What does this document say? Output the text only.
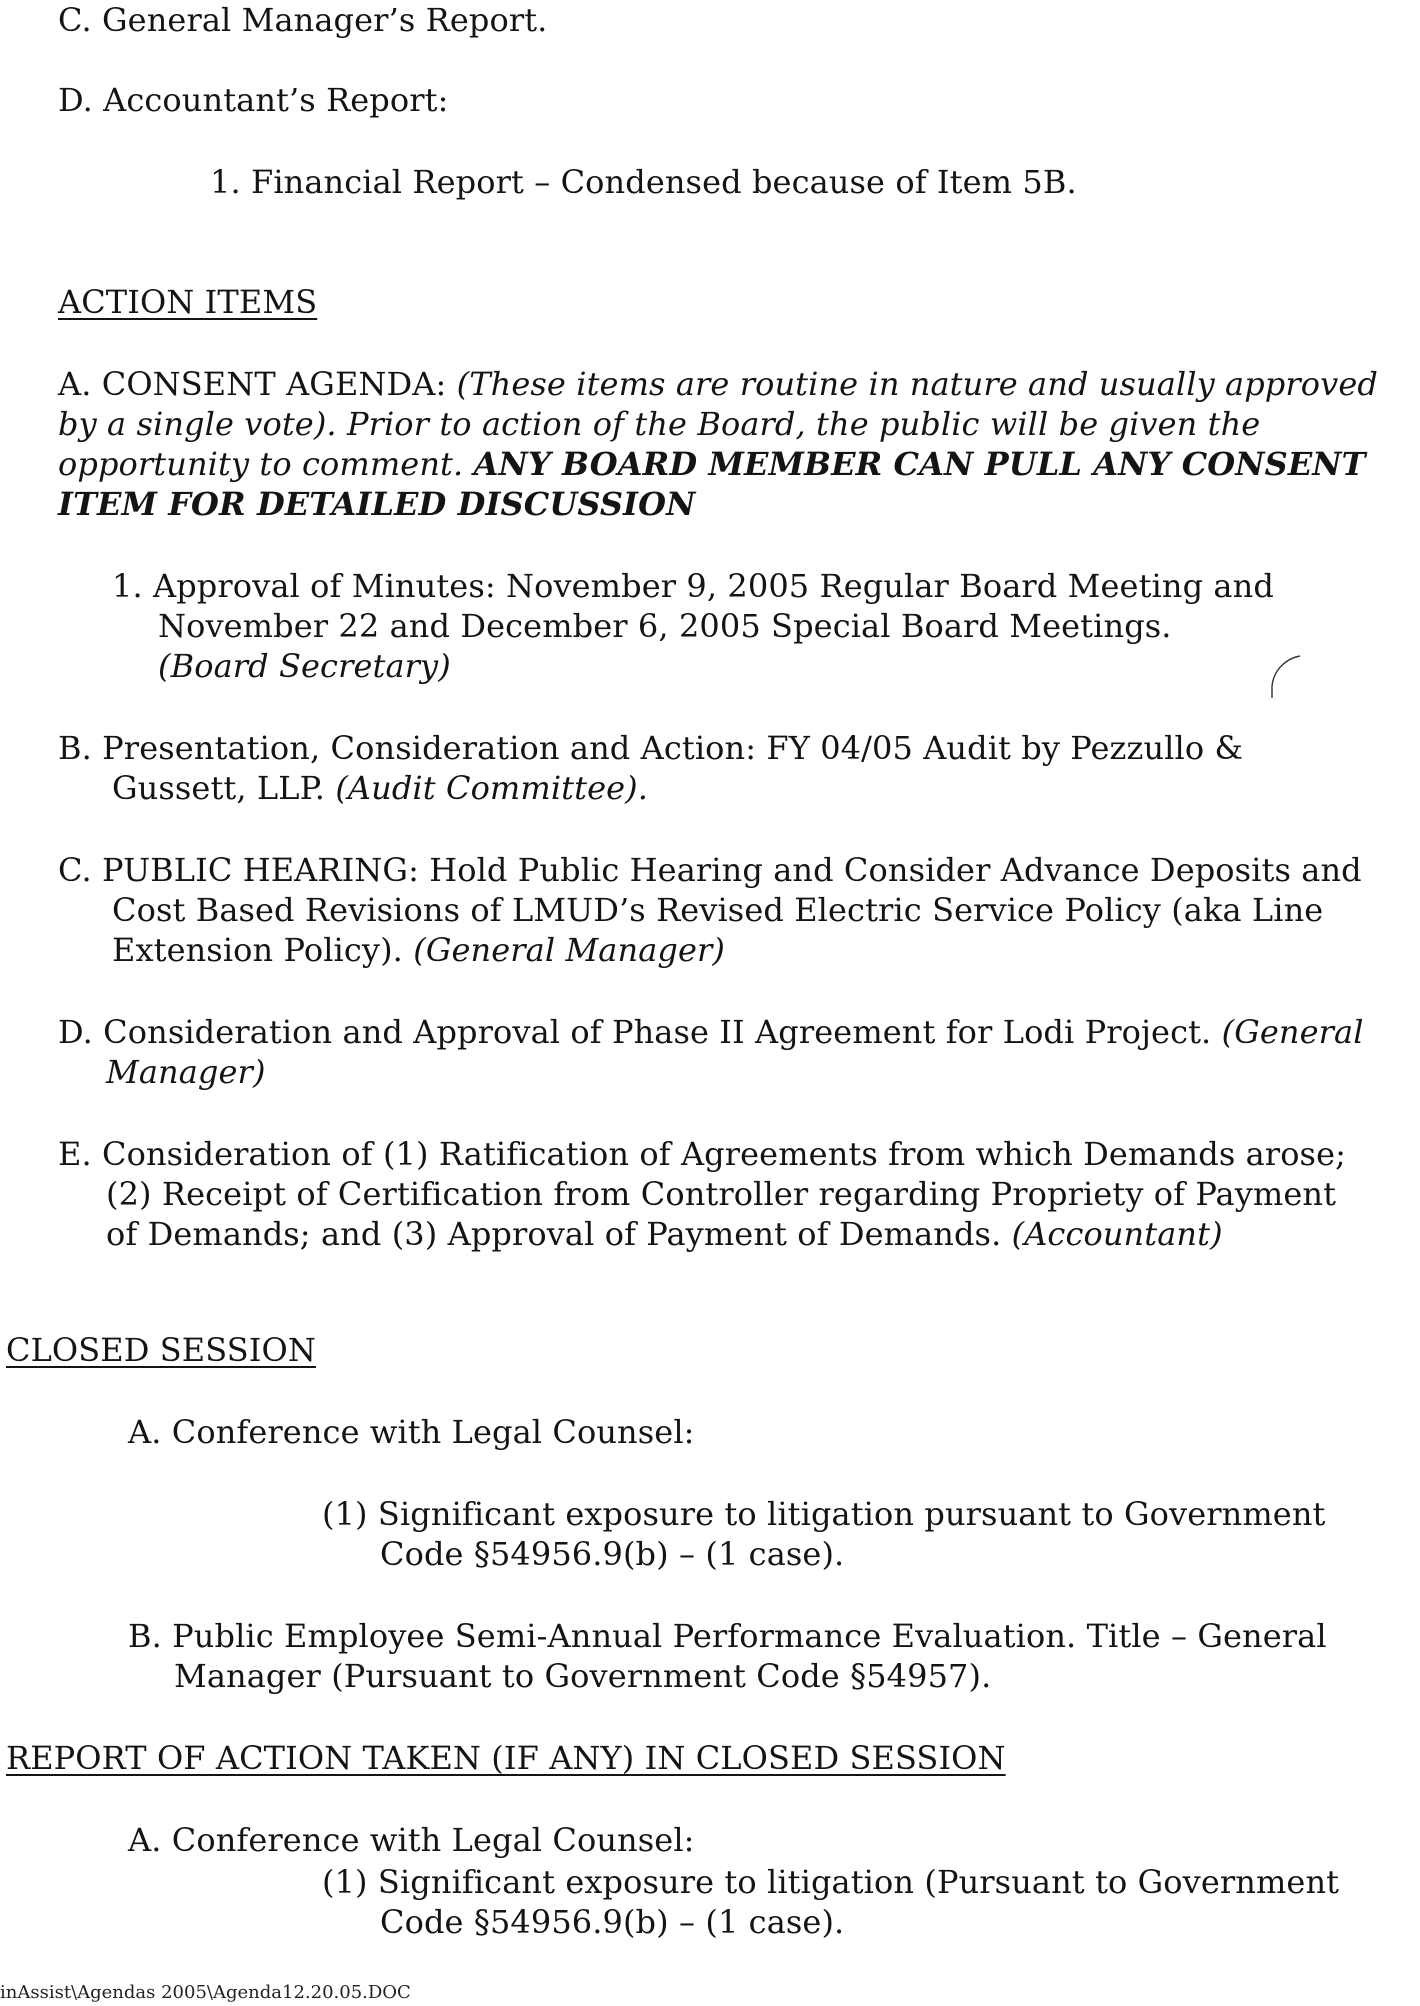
C. General Manager’s Report.
D. Accountant’s Report:
1. Financial Report – Condensed because of Item 5B.
ACTION ITEMS
A. CONSENT AGENDA: (These items are routine in nature and usually approved
by a single vote). Prior to action of the Board, the public will be given the
opportunity to comment. ANY BOARD MEMBER CAN PULL ANY CONSENT
ITEM FOR DETAILED DISCUSSION
1. Approval of Minutes: November 9, 2005 Regular Board Meeting and
November 22 and December 6, 2005 Special Board Meetings.
(Board Secretary)
B. Presentation, Consideration and Action: FY 04/05 Audit by Pezzullo &
Gussett, LLP. (Audit Committee).
C. PUBLIC HEARING: Hold Public Hearing and Consider Advance Deposits and
Cost Based Revisions of LMUD’s Revised Electric Service Policy (aka Line
Extension Policy). (General Manager)
D. Consideration and Approval of Phase II Agreement for Lodi Project. (General
Manager)
E. Consideration of (1) Ratification of Agreements from which Demands arose;
(2) Receipt of Certification from Controller regarding Propriety of Payment
of Demands; and (3) Approval of Payment of Demands. (Accountant)
CLOSED SESSION
A. Conference with Legal Counsel:
(1) Significant exposure to litigation pursuant to Government
Code §54956.9(b) – (1 case).
B. Public Employee Semi-Annual Performance Evaluation. Title – General
Manager (Pursuant to Government Code §54957).
REPORT OF ACTION TAKEN (IF ANY) IN CLOSED SESSION
A. Conference with Legal Counsel:
(1) Significant exposure to litigation (Pursuant to Government
Code §54956.9(b) – (1 case).
inAssist\Agendas 2005\Agenda12.20.05.DOC
